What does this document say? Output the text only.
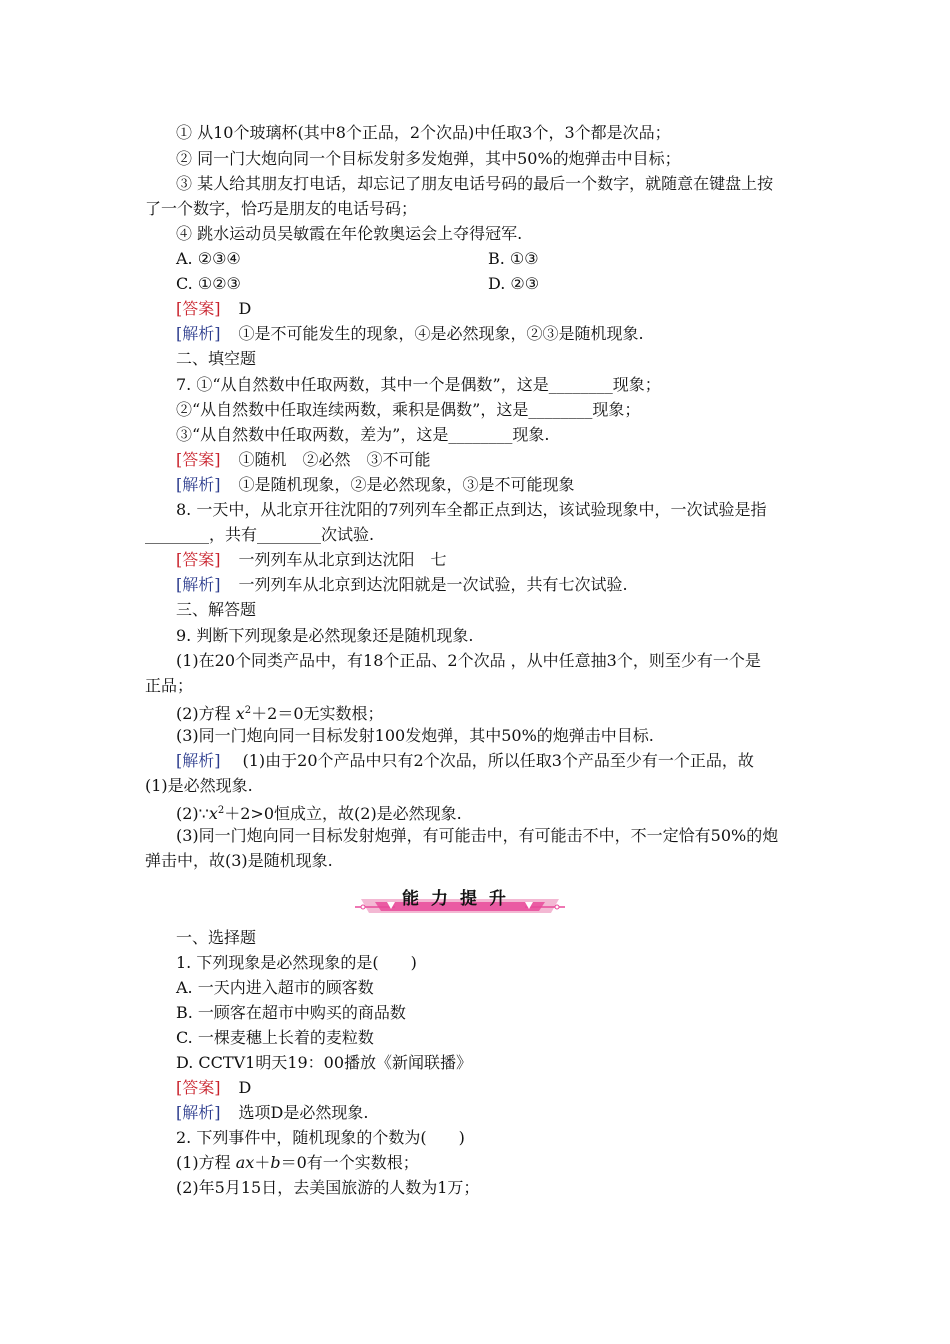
① 从10个玻璃杯(其中8个正品，2个次品)中任取3个，3个都是次品；
② 同一门大炮向同一个目标发射多发炮弹，其中50%的炮弹击中目标；
③ 某人给其朋友打电话，却忘记了朋友电话号码的最后一个数字，就随意在键盘上按
了一个数字，恰巧是朋友的电话号码；
④ 跳水运动员吴敏霞在年伦敦奥运会上夺得冠军.
A. ②③④	B. ①③
C. ①②③	D. ②③
[答案] D
[解析] ①是不可能发生的现象，④是必然现象，②③是随机现象.
二、填空题
7. ①“从自然数中任取两数，其中一个是偶数”，这是________现象；
②“从自然数中任取连续两数，乘积是偶数”，这是________现象；
③“从自然数中任取两数，差为”，这是________现象.
[答案] ①随机　②必然　③不可能
[解析] ①是随机现象，②是必然现象，③是不可能现象
8. 一天中，从北京开往沈阳的7列列车全都正点到达，该试验现象中，一次试验是指
________，共有________次试验.
[答案] 一列列车从北京到达沈阳　七
[解析] 一列列车从北京到达沈阳就是一次试验，共有七次试验.
三、解答题
9. 判断下列现象是必然现象还是随机现象.
(1)在20个同类产品中，有18个正品、2个次品 ，从中任意抽3个，则至少有一个是
正品；
(2)方程 $x^2+2=0$无实数根；
(3)同一门炮向同一目标发射100发炮弹，其中50%的炮弹击中目标.
[解析] (1)由于20个产品中只有2个次品，所以任取3个产品至少有一个正品，故
(1)是必然现象.
$(2)\because x^2+2>0$恒成立，故(2)是必然现象.
(3)同一门炮向同一目标发射炮弹，有可能击中，有可能击不中，不一定恰有50%的炮
弹击中，故(3)是随机现象.
能力提升
一、选择题
1. 下列现象是必然现象的是(　　)
A. 一天内进入超市的顾客数
B. 一顾客在超市中购买的商品数
C. 一棵麦穗上长着的麦粒数
D. CCTV1明天19：00播放《新闻联播》
[答案] D
[解析] 选项D是必然现象.
2. 下列事件中，随机现象的个数为(　　)
(1)方程 ax＋b＝0有一个实数根；
(2)年5月15日，去美国旅游的人数为1万；
